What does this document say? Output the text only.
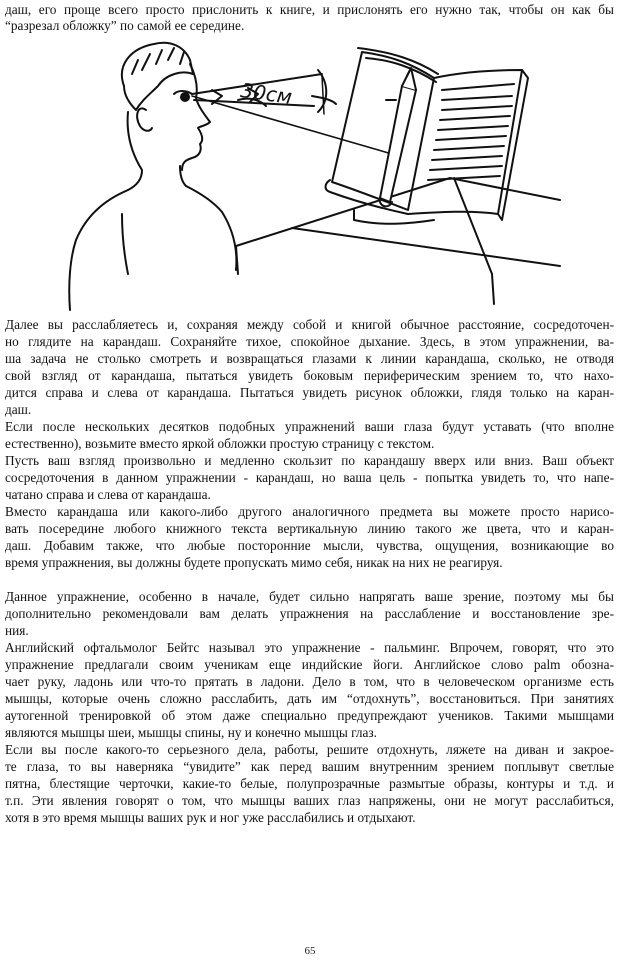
даш, его проще всего просто прислонить к книге, и прислонять его нужно так, чтобы он как бы
“разрезал обложку” по самой ее середине.
30см
Далее вы расслабляетесь и, сохраняя между собой и книгой обычное расстояние, сосредоточен-
но глядите на карандаш. Сохраняйте тихое, спокойное дыхание. Здесь, в этом упражнении, ва-
ша задача не столько смотреть и возвращаться глазами к линии карандаша, сколько, не отводя
свой взгляд от карандаша, пытаться увидеть боковым периферическим зрением то, что нахо-
дится справа и слева от карандаша. Пытаться увидеть рисунок обложки, глядя только на каран-
даш.
Если после нескольких десятков подобных упражнений ваши глаза будут уставать (что вполне
естественно), возьмите вместо яркой обложки простую страницу с текстом.
Пусть ваш взгляд произвольно и медленно скользит по карандашу вверх или вниз. Ваш объект
сосредоточения в данном упражнении - карандаш, но ваша цель - попытка увидеть то, что напе-
чатано справа и слева от карандаша.
Вместо карандаша или какого-либо другого аналогичного предмета вы можете просто нарисо-
вать посередине любого книжного текста вертикальную линию такого же цвета, что и каран-
даш. Добавим также, что любые посторонние мысли, чувства, ощущения, возникающие во
время упражнения, вы должны будете пропускать мимо себя, никак на них не реагируя.
Данное упражнение, особенно в начале, будет сильно напрягать ваше зрение, поэтому мы бы
дополнительно рекомендовали вам делать упражнения на расслабление и восстановление зре-
ния.
Английский офтальмолог Бейтс называл это упражнение - пальминг. Впрочем, говорят, что это
упражнение предлагали своим ученикам еще индийские йоги. Английское слово palm обозна-
чает руку, ладонь или что-то прятать в ладони. Дело в том, что в человеческом организме есть
мышцы, которые очень сложно расслабить, дать им “отдохнуть”, восстановиться. При занятиях
аутогенной тренировкой об этом даже специально предупреждают учеников. Такими мышцами
являются мышцы шеи, мышцы спины, ну и конечно мышцы глаз.
Если вы после какого-то серьезного дела, работы, решите отдохнуть, ляжете на диван и закрое-
те глаза, то вы наверняка “увидите” как перед вашим внутренним зрением поплывут светлые
пятна, блестящие черточки, какие-то белые, полупрозрачные размытые образы, контуры и т.д. и
т.п. Эти явления говорят о том, что мышцы ваших глаз напряжены, они не могут расслабиться,
хотя в это время мышцы ваших рук и ног уже расслабились и отдыхают.
65
